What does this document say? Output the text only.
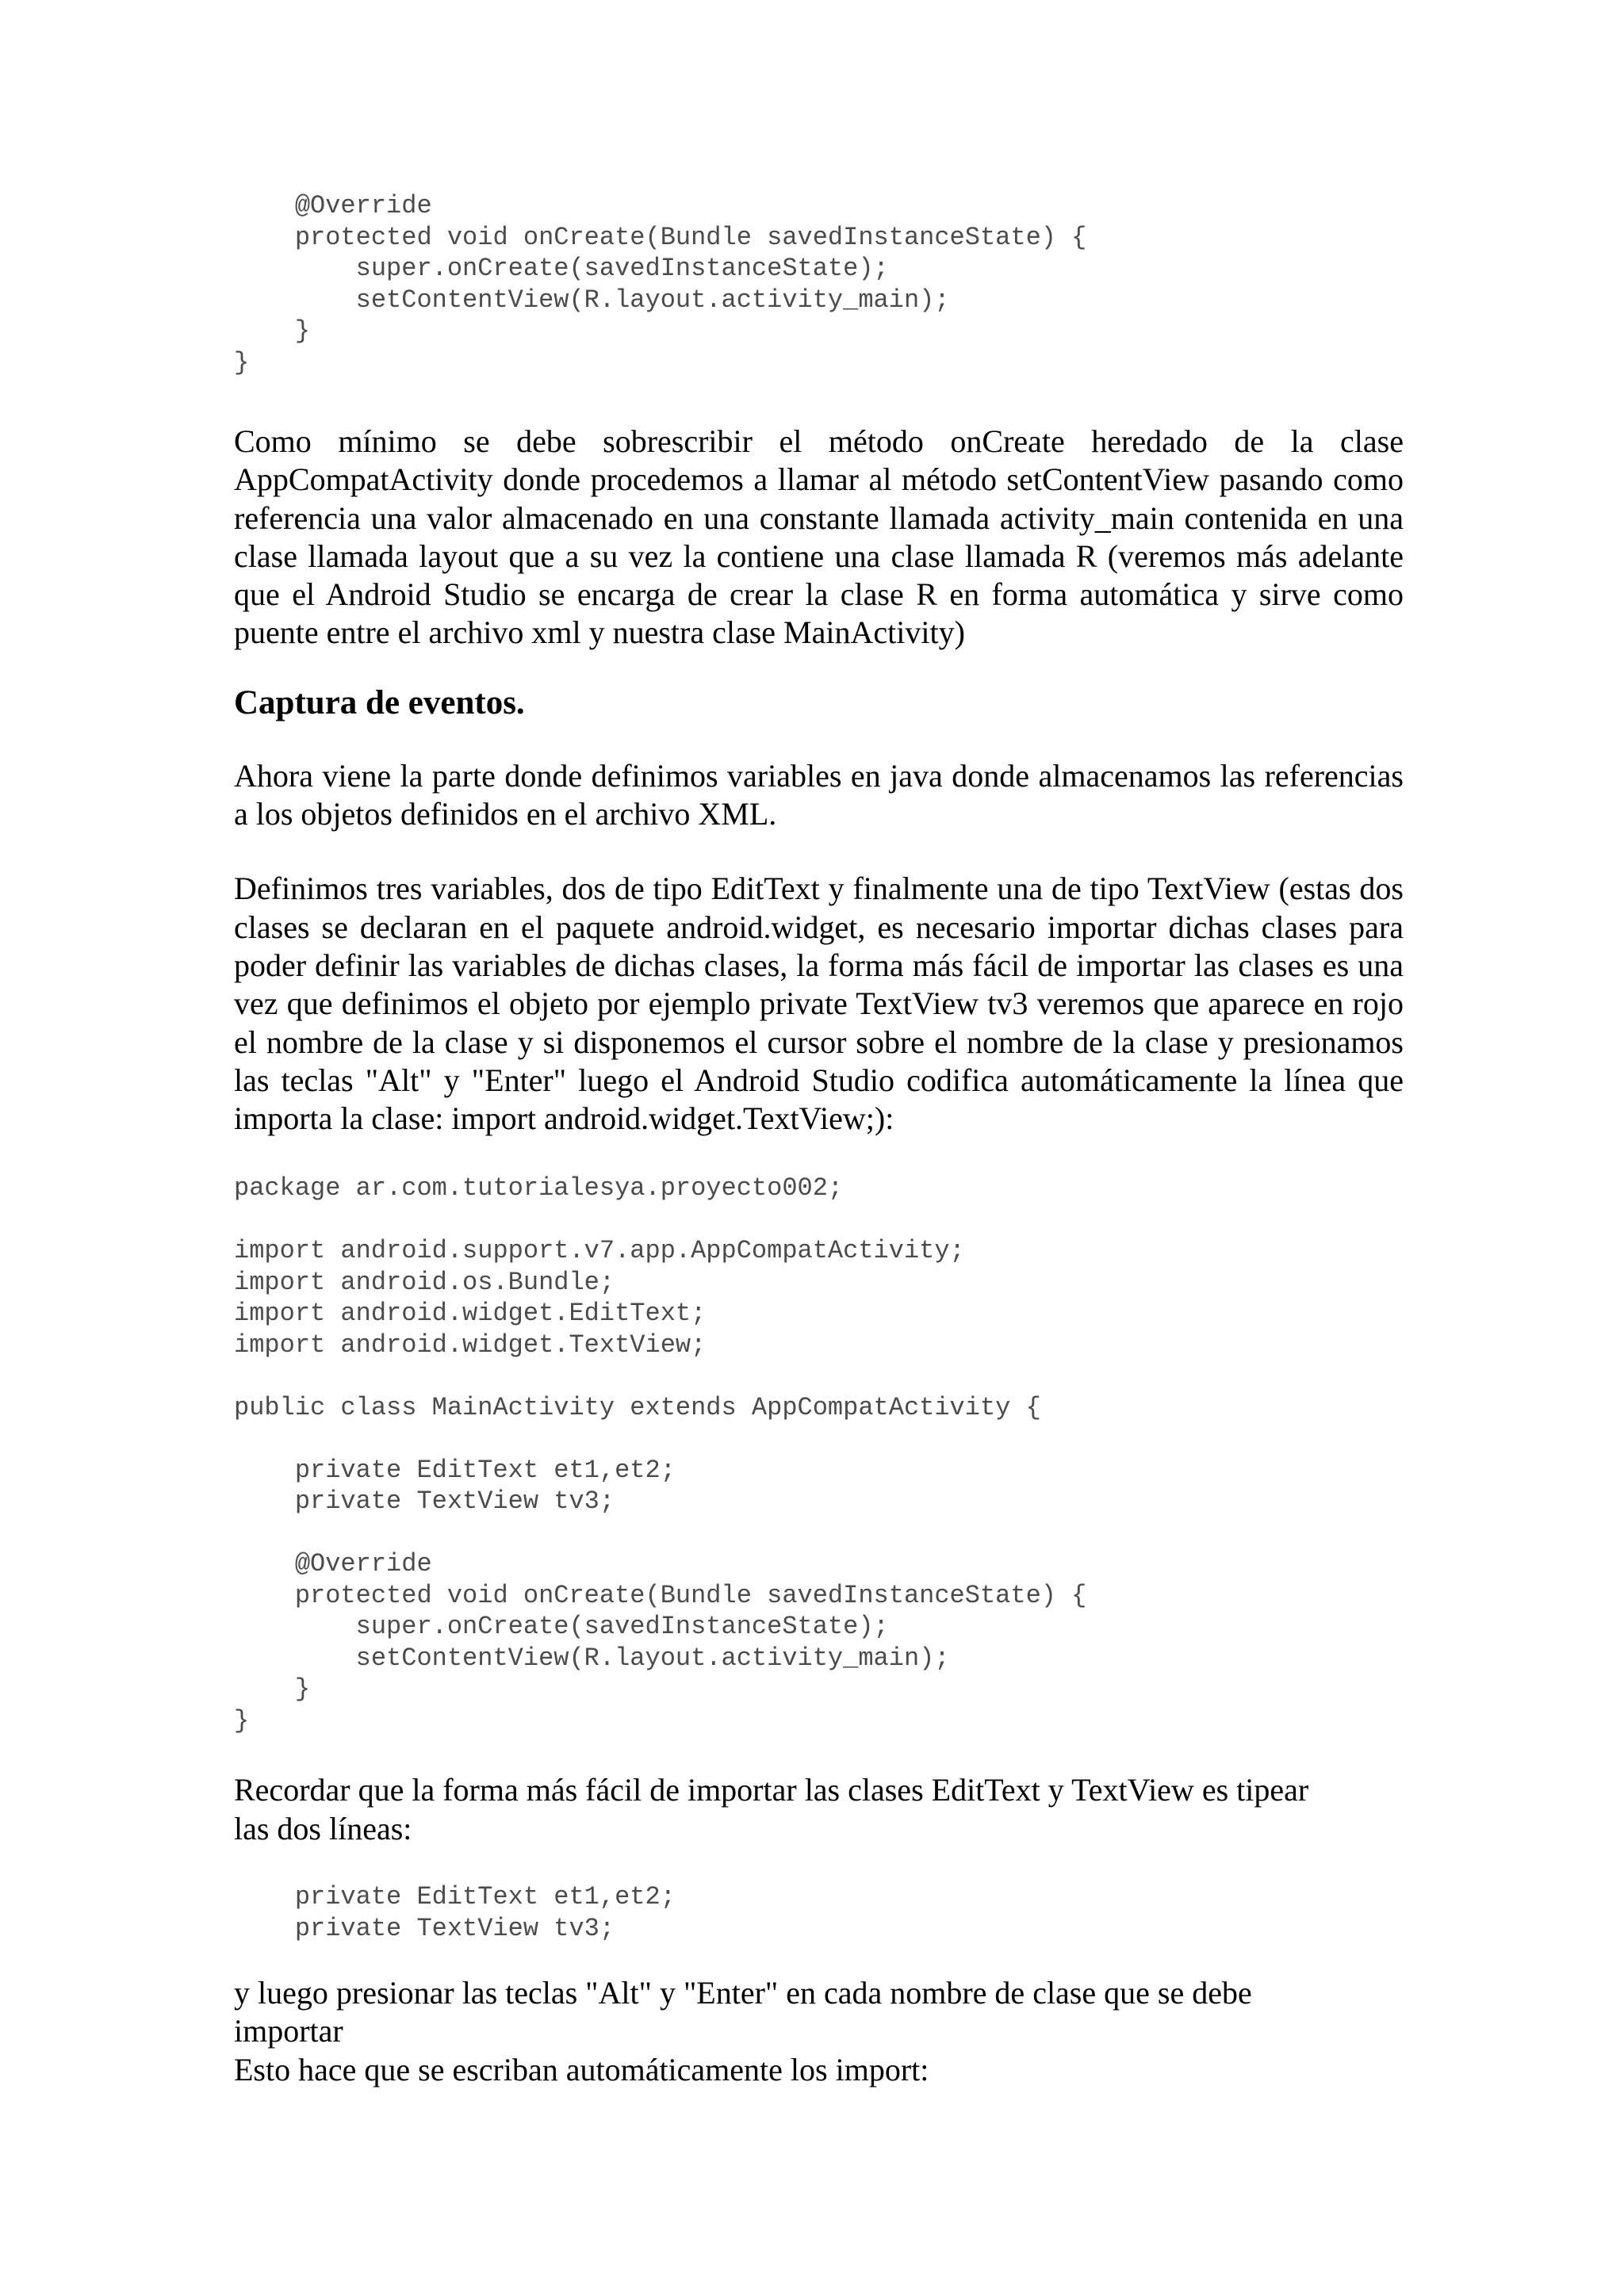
@Override
protected void onCreate(Bundle savedInstanceState) {
super.onCreate(savedInstanceState);
setContentView(R.layout.activity_main);
}
}

Como mínimo se debe sobrescribir el método onCreate heredado de la clase AppCompatActivity donde procedemos a llamar al método setContentView pasando como referencia una valor almacenado en una constante llamada activity_main contenida en una clase llamada layout que a su vez la contiene una clase llamada R (veremos más adelante que el Android Studio se encarga de crear la clase R en forma automática y sirve como puente entre el archivo xml y nuestra clase MainActivity)

Captura de eventos.

Ahora viene la parte donde definimos variables en java donde almacenamos las referencias a los objetos definidos en el archivo XML.

Definimos tres variables, dos de tipo EditText y finalmente una de tipo TextView (estas dos clases se declaran en el paquete android.widget, es necesario importar dichas clases para poder definir las variables de dichas clases, la forma más fácil de importar las clases es una vez que definimos el objeto por ejemplo private TextView tv3 veremos que aparece en rojo el nombre de la clase y si disponemos el cursor sobre el nombre de la clase y presionamos las teclas "Alt" y "Enter" luego el Android Studio codifica automáticamente la línea que importa la clase: import android.widget.TextView;):

package ar.com.tutorialesya.proyecto002;

import android.support.v7.app.AppCompatActivity;
import android.os.Bundle;
import android.widget.EditText;
import android.widget.TextView;

public class MainActivity extends AppCompatActivity {

private EditText et1,et2;
private TextView tv3;

@Override
protected void onCreate(Bundle savedInstanceState) {
super.onCreate(savedInstanceState);
setContentView(R.layout.activity_main);
}
}

Recordar que la forma más fácil de importar las clases EditText y TextView es tipear
las dos líneas:

private EditText et1,et2;
private TextView tv3;

y luego presionar las teclas "Alt" y "Enter" en cada nombre de clase que se debe
importar
Esto hace que se escriban automáticamente los import:
